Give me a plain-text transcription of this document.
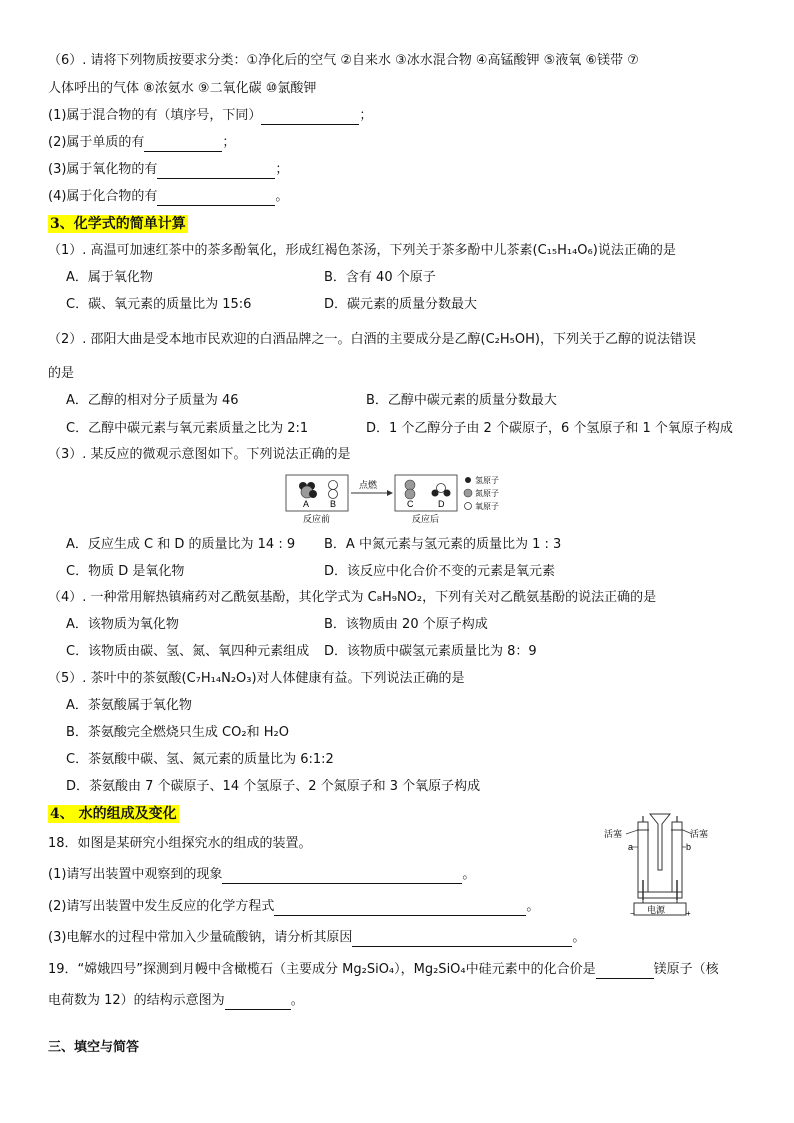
（6）. 请将下列物质按要求分类：①净化后的空气 ②自来水 ③冰水混合物 ④高锰酸钾 ⑤液氧 ⑥镁带 ⑦
人体呼出的气体 ⑧浓氨水 ⑨二氧化碳 ⑩氯酸钾
(1)属于混合物的有（填序号，下同）	；
(2)属于单质的有	；
(3)属于氧化物的有	；
(4)属于化合物的有	。
3、化学式的简单计算
（1）. 高温可加速红茶中的茶多酚氧化，形成红褐色茶汤，下列关于茶多酚中儿茶素(C₁₅H₁₄O₆)说法正确的是
A．属于氧化物	B．含有 40 个原子
C．碳、氧元素的质量比为 15:6	D．碳元素的质量分数最大
（2）. 邵阳大曲是受本地市民欢迎的白酒品牌之一。白酒的主要成分是乙醇(C₂H₅OH)，下列关于乙醇的说法错误
的是
A．乙醇的相对分子质量为 46	B．乙醇中碳元素的质量分数最大
C．乙醇中碳元素与氧元素质量之比为 2:1	D．1 个乙醇分子由 2 个碳原子，6 个氢原子和 1 个氧原子构成
（3）. 某反应的微观示意图如下。下列说法正确的是
A B
反应前
点燃
C	D
反应后
氢原子
氮原子
氧原子
A．反应生成 C 和 D 的质量比为 14 : 9 B．A 中氮元素与氢元素的质量比为 1 : 3
C．物质 D 是氧化物	D．该反应中化合价不变的元素是氧元素
（4）. 一种常用解热镇痛药对乙酰氨基酚，其化学式为 C₈H₉NO₂，下列有关对乙酰氨基酚的说法正确的是
A．该物质为氧化物	B．该物质由 20 个原子构成
C．该物质由碳、氢、氮、氧四种元素组成 D．该物质中碳氢元素质量比为 8：9
（5）. 茶叶中的茶氨酸(C₇H₁₄N₂O₃)对人体健康有益。下列说法正确的是
A．茶氨酸属于氧化物
B．茶氨酸完全燃烧只生成 CO₂和 H₂O
C．茶氨酸中碳、氢、氮元素的质量比为 6:1:2
D．茶氨酸由 7 个碳原子、14 个氢原子、2 个氮原子和 3 个氧原子构成
4、 水的组成及变化
18．如图是某研究小组探究水的组成的装置。
(1)请写出装置中观察到的现象	。
(2)请写出装置中发生反应的化学方程式	。
(3)电解水的过程中常加入少量硫酸钠，请分析其原因	。
活塞	活塞
a	b
电源
−	+
19．“嫦娥四号”探测到月幔中含橄榄石（主要成分 Mg₂SiO₄），Mg₂SiO₄中硅元素中的化合价是	镁原子（核
电荷数为 12）的结构示意图为	。
三、填空与简答
